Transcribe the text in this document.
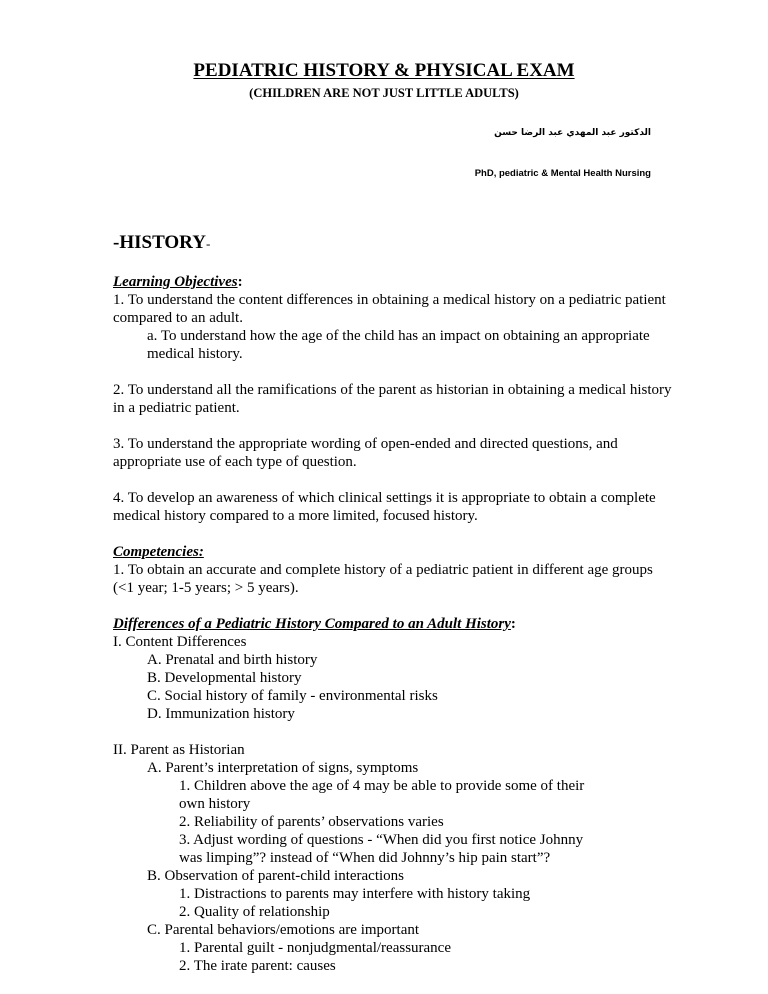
PEDIATRIC HISTORY & PHYSICAL EXAM
(CHILDREN ARE NOT JUST LITTLE ADULTS)
الدكتور عبد المهدي عبد الرضا حسن
PhD, pediatric & Mental Health Nursing
-HISTORY-

Learning Objectives:

1. To understand the content differences in obtaining a medical history on a pediatric patient compared to an adult.

a. To understand how the age of the child has an impact on obtaining an appropriate medical history.

2. To understand all the ramifications of the parent as historian in obtaining a medical history in a pediatric patient.

3. To understand the appropriate wording of open-ended and directed questions, and appropriate use of each type of question.

4. To develop an awareness of which clinical settings it is appropriate to obtain a complete medical history compared to a more limited, focused history.

Competencies:

1. To obtain an accurate and complete history of a pediatric patient in different age groups (<1 year; 1-5 years; > 5 years).

Differences of a Pediatric History Compared to an Adult History:

I. Content Differences

A. Prenatal and birth history

B. Developmental history

C. Social history of family - environmental risks

D. Immunization history

II. Parent as Historian

A. Parent’s interpretation of signs, symptoms

1. Children above the age of 4 may be able to provide some of their own history

2. Reliability of parents’ observations varies

3. Adjust wording of questions - “When did you first notice Johnny was limping”? instead of “When did Johnny’s hip pain start”?

B. Observation of parent-child interactions

1. Distractions to parents may interfere with history taking

2. Quality of relationship

C. Parental behaviors/emotions are important

1. Parental guilt - nonjudgmental/reassurance

2. The irate parent: causes
